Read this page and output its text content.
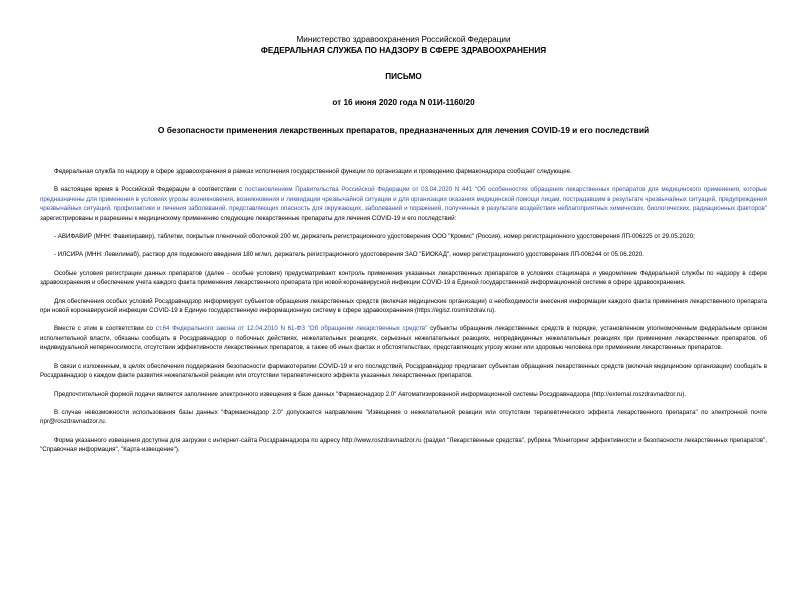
Министерство здравоохранения Российской Федерации
ФЕДЕРАЛЬНАЯ СЛУЖБА ПО НАДЗОРУ В СФЕРЕ ЗДРАВООХРАНЕНИЯ
ПИСЬМО
от 16 июня 2020 года N 01И-1160/20
О безопасности применения лекарственных препаратов, предназначенных для лечения COVID-19 и его последствий

Федеральная служба по надзору в сфере здравоохранения в рамках исполнения государственной функции по организации и проведению фармаконадзора сообщает следующее.

В настоящее время в Российской Федерации в соответствии с постановлением Правительства Российской Федерации от 03.04.2020 N 441 "Об особенностях обращения лекарственных препаратов для медицинского применения, которые предназначены для применения в условиях угрозы возникновения, возникновения и ликвидации чрезвычайной ситуации и для организации оказания медицинской помощи лицам, пострадавшим в результате чрезвычайных ситуаций, предупреждения чрезвычайных ситуаций, профилактики и лечения заболеваний, представляющих опасность для окружающих, заболеваний и поражений, полученных в результате воздействия неблагоприятных химических, биологических, радиационных факторов" зарегистрированы и разрешены к медицинскому применению следующие лекарственные препараты для лечения COVID-19 и его последствий:

- АВИФАВИР (МНН: Фавипиравир), таблетки, покрытые пленочной оболочкой 200 мг, держатель регистрационного удостоверения ООО "Кромис" (Россия), номер регистрационного удостоверения ЛП-006225 от 29.05.2020;

- ИЛСИРА (МНН: Левилимаб), раствор для подкожного введения 180 мг/мл, держатель регистрационного удостоверения ЗАО "БИОКАД", номер регистрационного удостоверения ЛП-006244 от 05.06.2020.

Особые условия регистрации данных препаратов (далее - особые условия) предусматривают контроль применения указанных лекарственных препаратов в условиях стационара и уведомление Федеральной службы по надзору в сфере здравоохранения и обеспечение учета каждого факта применения лекарственного препарата при новой коронавирусной инфекции COVID-19 в Единой государственной информационной системе в сфере здравоохранения.

Для обеспечения особых условий Росздравнадзор информирует субъектов обращения лекарственных средств (включая медицинские организации) о необходимости внесения информации каждого факта применения лекарственного препарата при новой коронавирусной инфекции COVID-19 в Единую государственную информационную систему в сфере здравоохранения (https://egisz.rosminzdrav.ru).

Вместе с этим в соответствии со ст.64 Федерального закона от 12.04.2010 N 61-ФЗ "Об обращении лекарственных средств" субъекты обращения лекарственных средств в порядке, установленном уполномоченным федеральным органом исполнительной власти, обязаны сообщать в Росздравнадзор о побочных действиях, нежелательных реакциях, серьезных нежелательных реакциях, непредвиденных нежелательных реакциях при применении лекарственных препаратов, об индивидуальной непереносимости, отсутствии эффективности лекарственных препаратов, а также об иных фактах и обстоятельствах, представляющих угрозу жизни или здоровью человека при применении лекарственных препаратов.

В связи с изложенным, в целях обеспечения поддержания безопасности фармакотерапии COVID-19 и его последствий, Росздравнадзор предлагает субъектам обращения лекарственных средств (включая медицинские организации) сообщать в Росздравнадзор о каждом факте развития нежелательной реакции или отсутствии терапевтического эффекта указанных лекарственных препаратов.

Предпочтительной формой подачи является заполнение электронного извещения в базе данных "Фармаконадзор 2.0" Автоматизированной информационной системы Росздравнадзора (http://external.roszdravnadzor.ru).

В случае невозможности использования базы данных "Фармаконадзор 2.0" допускается направление "Извещения о нежелательной реакции или отсутствии терапевтического эффекта лекарственного препарата" по электронной почте npr@roszdravnadzor.ru.

Форма указанного извещения доступна для загрузки с интернет-сайта Росздравнадзора по адресу http://www.roszdravnadzor.ru (раздел "Лекарственные средства", рубрика "Мониторинг эффективности и безопасности лекарственных препаратов", "Справочная информация", "Карта-извещение").
